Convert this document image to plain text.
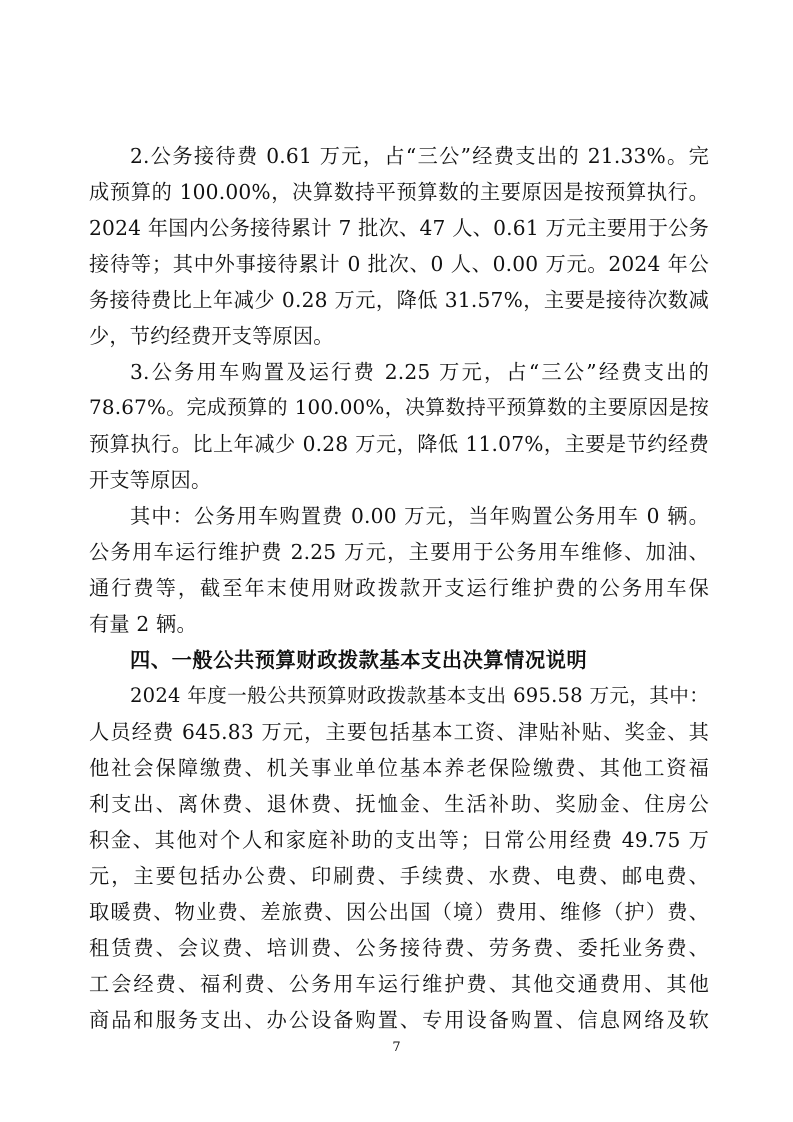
2.公务接待费 0.61 万元，占“三公”经费支出的 21.33%。完
成预算的 100.00%，决算数持平预算数的主要原因是按预算执行。
2024 年国内公务接待累计 7 批次、47 人、0.61 万元主要用于公务
接待等；其中外事接待累计 0 批次、0 人、0.00 万元。2024 年公
务接待费比上年减少 0.28 万元，降低 31.57%，主要是接待次数减
少，节约经费开支等原因。
3.公务用车购置及运行费 2.25 万元，占“三公”经费支出的
78.67%。完成预算的 100.00%，决算数持平预算数的主要原因是按
预算执行。比上年减少 0.28 万元，降低 11.07%，主要是节约经费
开支等原因。
其中：公务用车购置费 0.00 万元，当年购置公务用车 0 辆。
公务用车运行维护费 2.25 万元，主要用于公务用车维修、加油、
通行费等，截至年末使用财政拨款开支运行维护费的公务用车保
有量 2 辆。
四、一般公共预算财政拨款基本支出决算情况说明
2024 年度一般公共预算财政拨款基本支出 695.58 万元，其中：
人员经费 645.83 万元，主要包括基本工资、津贴补贴、奖金、其
他社会保障缴费、机关事业单位基本养老保险缴费、其他工资福
利支出、离休费、退休费、抚恤金、生活补助、奖励金、住房公
积金、其他对个人和家庭补助的支出等；日常公用经费 49.75 万
元，主要包括办公费、印刷费、手续费、水费、电费、邮电费、
取暖费、物业费、差旅费、因公出国（境）费用、维修（护）费、
租赁费、会议费、培训费、公务接待费、劳务费、委托业务费、
工会经费、福利费、公务用车运行维护费、其他交通费用、其他
商品和服务支出、办公设备购置、专用设备购置、信息网络及软
7
